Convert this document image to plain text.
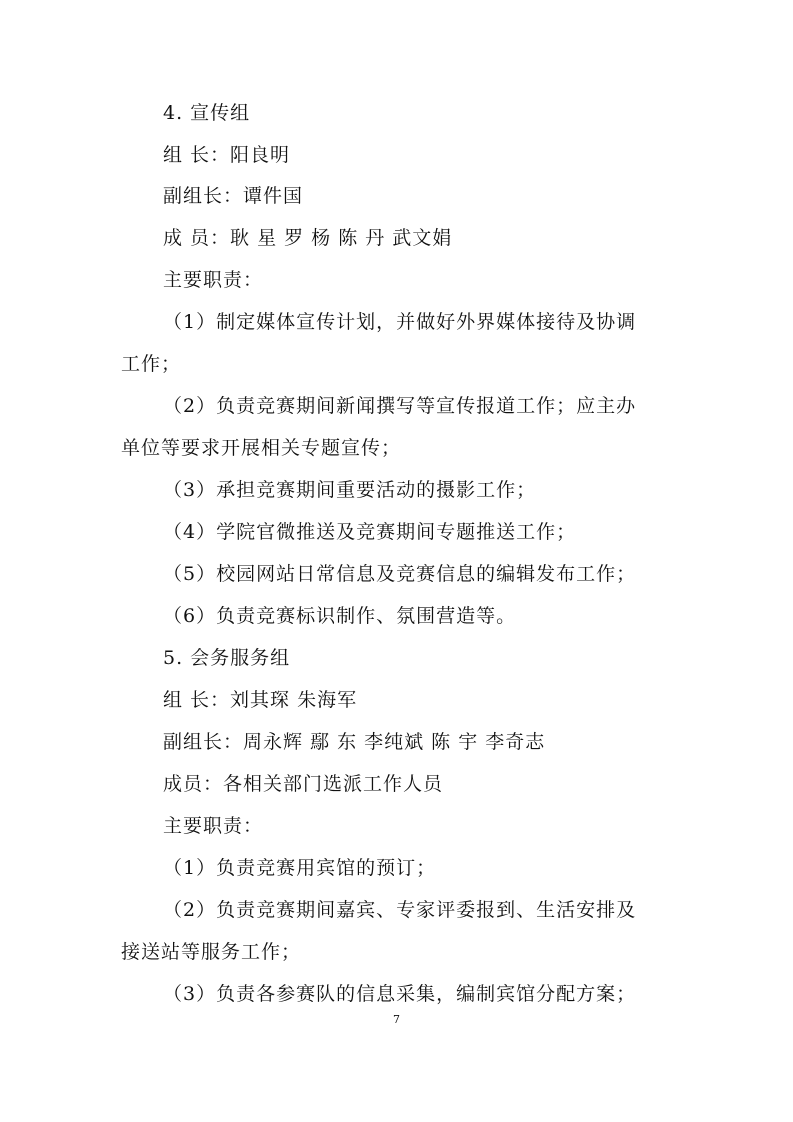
4. 宣传组
组 长：阳良明
副组长：谭件国
成 员：耿 星 罗 杨 陈 丹 武文娟
主要职责：
（1）制定媒体宣传计划，并做好外界媒体接待及协调
工作；
（2）负责竞赛期间新闻撰写等宣传报道工作；应主办
单位等要求开展相关专题宣传；
（3）承担竞赛期间重要活动的摄影工作；
（4）学院官微推送及竞赛期间专题推送工作；
（5）校园网站日常信息及竞赛信息的编辑发布工作；
（6）负责竞赛标识制作、氛围营造等。
5. 会务服务组
组 长：刘其琛 朱海军
副组长：周永辉 鄢 东 李纯斌 陈 宇 李奇志
成员：各相关部门选派工作人员
主要职责：
（1）负责竞赛用宾馆的预订；
（2）负责竞赛期间嘉宾、专家评委报到、生活安排及
接送站等服务工作；
（3）负责各参赛队的信息采集，编制宾馆分配方案；
7
